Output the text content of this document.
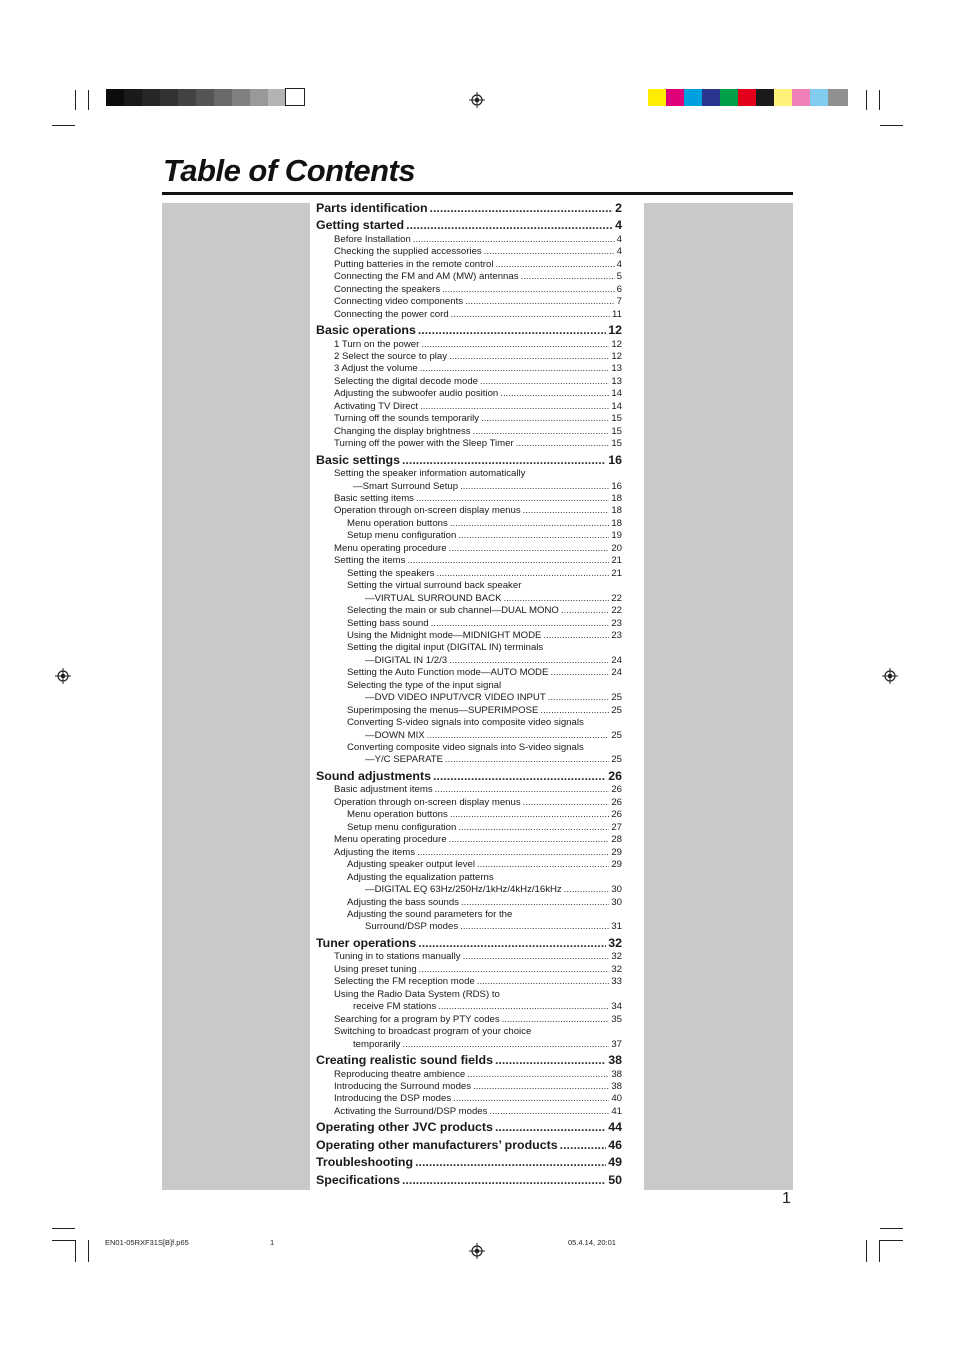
Table of Contents
Parts identification .....	2
Getting started .....	4
Before Installation .....	4
Checking the supplied accessories .....	4
Putting batteries in the remote control .....	4
Connecting the FM and AM (MW) antennas .....	5
Connecting the speakers .....	6
Connecting video components .....	7
Connecting the power cord .....	11
Basic operations .....	12
1 Turn on the power .....	12
2 Select the source to play .....	12
3 Adjust the volume .....	13
Selecting the digital decode mode .....	13
Adjusting the subwoofer audio position .....	14
Activating TV Direct .....	14
Turning off the sounds temporarily .....	15
Changing the display brightness .....	15
Turning off the power with the Sleep Timer .....	15
Basic settings .....	16
Setting the speaker information automatically
—Smart Surround Setup .....	16
Basic setting items .....	18
Operation through on-screen display menus .....	18
Menu operation buttons .....	18
Setup menu configuration .....	19
Menu operating procedure .....	20
Setting the items .....	21
Setting the speakers .....	21
Setting the virtual surround back speaker
—VIRTUAL SURROUND BACK .....	22
Selecting the main or sub channel—DUAL MONO .....	22
Setting bass sound .....	23
Using the Midnight mode—MIDNIGHT MODE .....	23
Setting the digital input (DIGITAL IN) terminals
—DIGITAL IN 1/2/3 .....	24
Setting the Auto Function mode—AUTO MODE .....	24
Selecting the type of the input signal
—DVD VIDEO INPUT/VCR VIDEO INPUT .....	25
Superimposing the menus—SUPERIMPOSE .....	25
Converting S-video signals into composite video signals
—DOWN MIX .....	25
Converting composite video signals into S-video signals
—Y/C SEPARATE .....	25
Sound adjustments .....	26
Basic adjustment items .....	26
Operation through on-screen display menus .....	26
Menu operation buttons .....	26
Setup menu configuration .....	27
Menu operating procedure .....	28
Adjusting the items .....	29
Adjusting speaker output level .....	29
Adjusting the equalization patterns
—DIGITAL EQ 63Hz/250Hz/1kHz/4kHz/16kHz .....	30
Adjusting the bass sounds .....	30
Adjusting the sound parameters for the
Surround/DSP modes .....	31
Tuner operations .....	32
Tuning in to stations manually .....	32
Using preset tuning .....	32
Selecting the FM reception mode .....	33
Using the Radio Data System (RDS) to
receive FM stations .....	34
Searching for a program by PTY codes .....	35
Switching to broadcast program of your choice
temporarily .....	37
Creating realistic sound fields .....	38
Reproducing theatre ambience .....	38
Introducing the Surround modes .....	38
Introducing the DSP modes .....	40
Activating the Surround/DSP modes .....	41
Operating other JVC products .....	44
Operating other manufacturers’ products .....	46
Troubleshooting .....	49
Specifications .....	50
1
EN01-05RXF31S[B]f.p65	1	05.4.14, 20:01
